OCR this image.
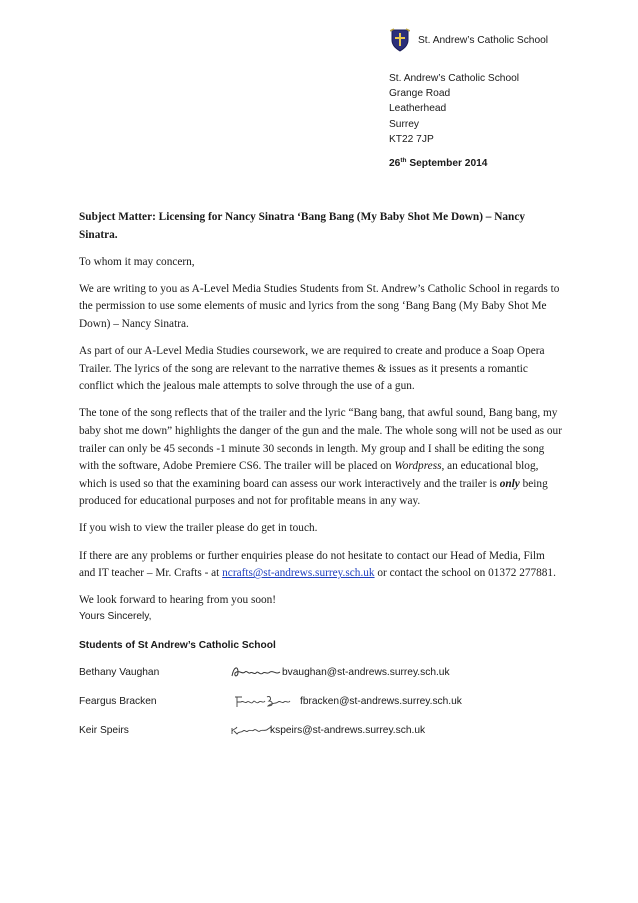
St. Andrew’s Catholic School
St. Andrew’s Catholic School
Grange Road
Leatherhead
Surrey
KT22 7JP
26th September 2014

Subject Matter: Licensing for Nancy Sinatra ‘Bang Bang (My Baby Shot Me Down) – Nancy Sinatra.

To whom it may concern,

We are writing to you as A-Level Media Studies Students from St. Andrew’s Catholic School in regards to the permission to use some elements of music and lyrics from the song ‘Bang Bang (My Baby Shot Me Down) – Nancy Sinatra.

As part of our A-Level Media Studies coursework, we are required to create and produce a Soap Opera Trailer. The lyrics of the song are relevant to the narrative themes & issues as it presents a romantic conflict which the jealous male attempts to solve through the use of a gun.

The tone of the song reflects that of the trailer and the lyric “Bang bang, that awful sound, Bang bang, my baby shot me down” highlights the danger of the gun and the male. The whole song will not be used as our trailer can only be 45 seconds -1 minute 30 seconds in length. My group and I shall be editing the song with the software, Adobe Premiere CS6. The trailer will be placed on Wordpress, an educational blog, which is used so that the examining board can assess our work interactively and the trailer is only being produced for educational purposes and not for profitable means in any way.

If you wish to view the trailer please do get in touch.

If there are any problems or further enquiries please do not hesitate to contact our Head of Media, Film and IT teacher – Mr. Crafts - at ncrafts@st-andrews.surrey.sch.uk or contact the school on 01372 277881.

We look forward to hearing from you soon!

Yours Sincerely,
Students of St Andrew’s Catholic School
Bethany Vaughan	bvaughan@st-andrews.surrey.sch.uk
Feargus Bracken	fbracken@st-andrews.surrey.sch.uk
Keir Speirs	kspeirs@st-andrews.surrey.sch.uk
